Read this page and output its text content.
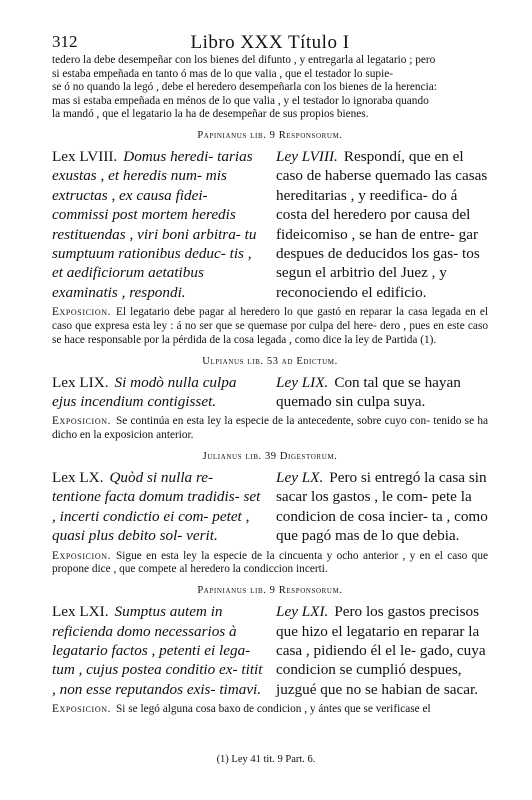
312	Libro XXX Título I
tedero la debe desempeñar con los bienes del difunto , y entregarla al legatario ; pero
si estaba empeñada en tanto ó mas de lo que valia , que el testador lo supie-
se ó no quando la legó , debe el heredero desempeñarla con los bienes de la herencia:
mas si estaba empeñada en ménos de lo que valia , y el testador lo ignoraba quando
la mandó , que el legatario la ha de desempeñar de sus propios bienes.
Papinianus lib. 9 Responsorum.
Lex LVIII. Domus heredi- tarias exustas , et heredis num- mis extructas , ex causa fidei- commissi post mortem heredis restituendas , viri boni arbitra- tu sumptuum rationibus deduc- tis , et aedificiorum aetatibus examinatis , respondi.
Ley LVIII. Respondí, que en el caso de haberse quemado las casas hereditarias , y reedifica- do á costa del heredero por causa del fideicomiso , se han de entre- gar despues de deducidos los gas- tos segun el arbitrio del Juez , y reconociendo el edificio.
Exposicion. El legatario debe pagar al heredero lo que gastó en reparar la casa legada en el caso que expresa esta ley : á no ser que se quemase por culpa del here- dero , pues en este caso se hace responsable por la pérdida de la cosa legada , como dice la ley de Partida (1).
Ulpianus lib. 53 ad Edictum.
Lex LIX. Si modò nulla culpa ejus incendium contigisset.
Ley LIX. Con tal que se hayan quemado sin culpa suya.
Exposicion. Se continúa en esta ley la especie de la antecedente, sobre cuyo con- tenido se ha dicho en la exposicion anterior.
Julianus lib. 39 Digestorum.
Lex LX. Quòd si nulla re- tentione facta domum tradidis- set , incerti condictio ei com- petet , quasi plus debito sol- verit.
Ley LX. Pero si entregó la casa sin sacar los gastos , le com- pete la condicion de cosa incier- ta , como que pagó mas de lo que debia.
Exposicion. Sigue en esta ley la especie de la cincuenta y ocho anterior , y en el caso que propone dice , que compete al heredero la condiccion incerti.
Papinianus lib. 9 Responsorum.
Lex LXI. Sumptus autem in reficienda domo necessarios à legatario factos , petenti ei lega- tum , cujus postea conditio ex- titit , non esse reputandos exis- timavi.
Ley LXI. Pero los gastos precisos que hizo el legatario en reparar la casa , pidiendo él el le- gado, cuya condicion se cumplió despues, juzgué que no se habian de sacar.
Exposicion. Si se legó alguna cosa baxo de condicion , y ántes que se verificase el
(1) Ley 41 tit. 9 Part. 6.
